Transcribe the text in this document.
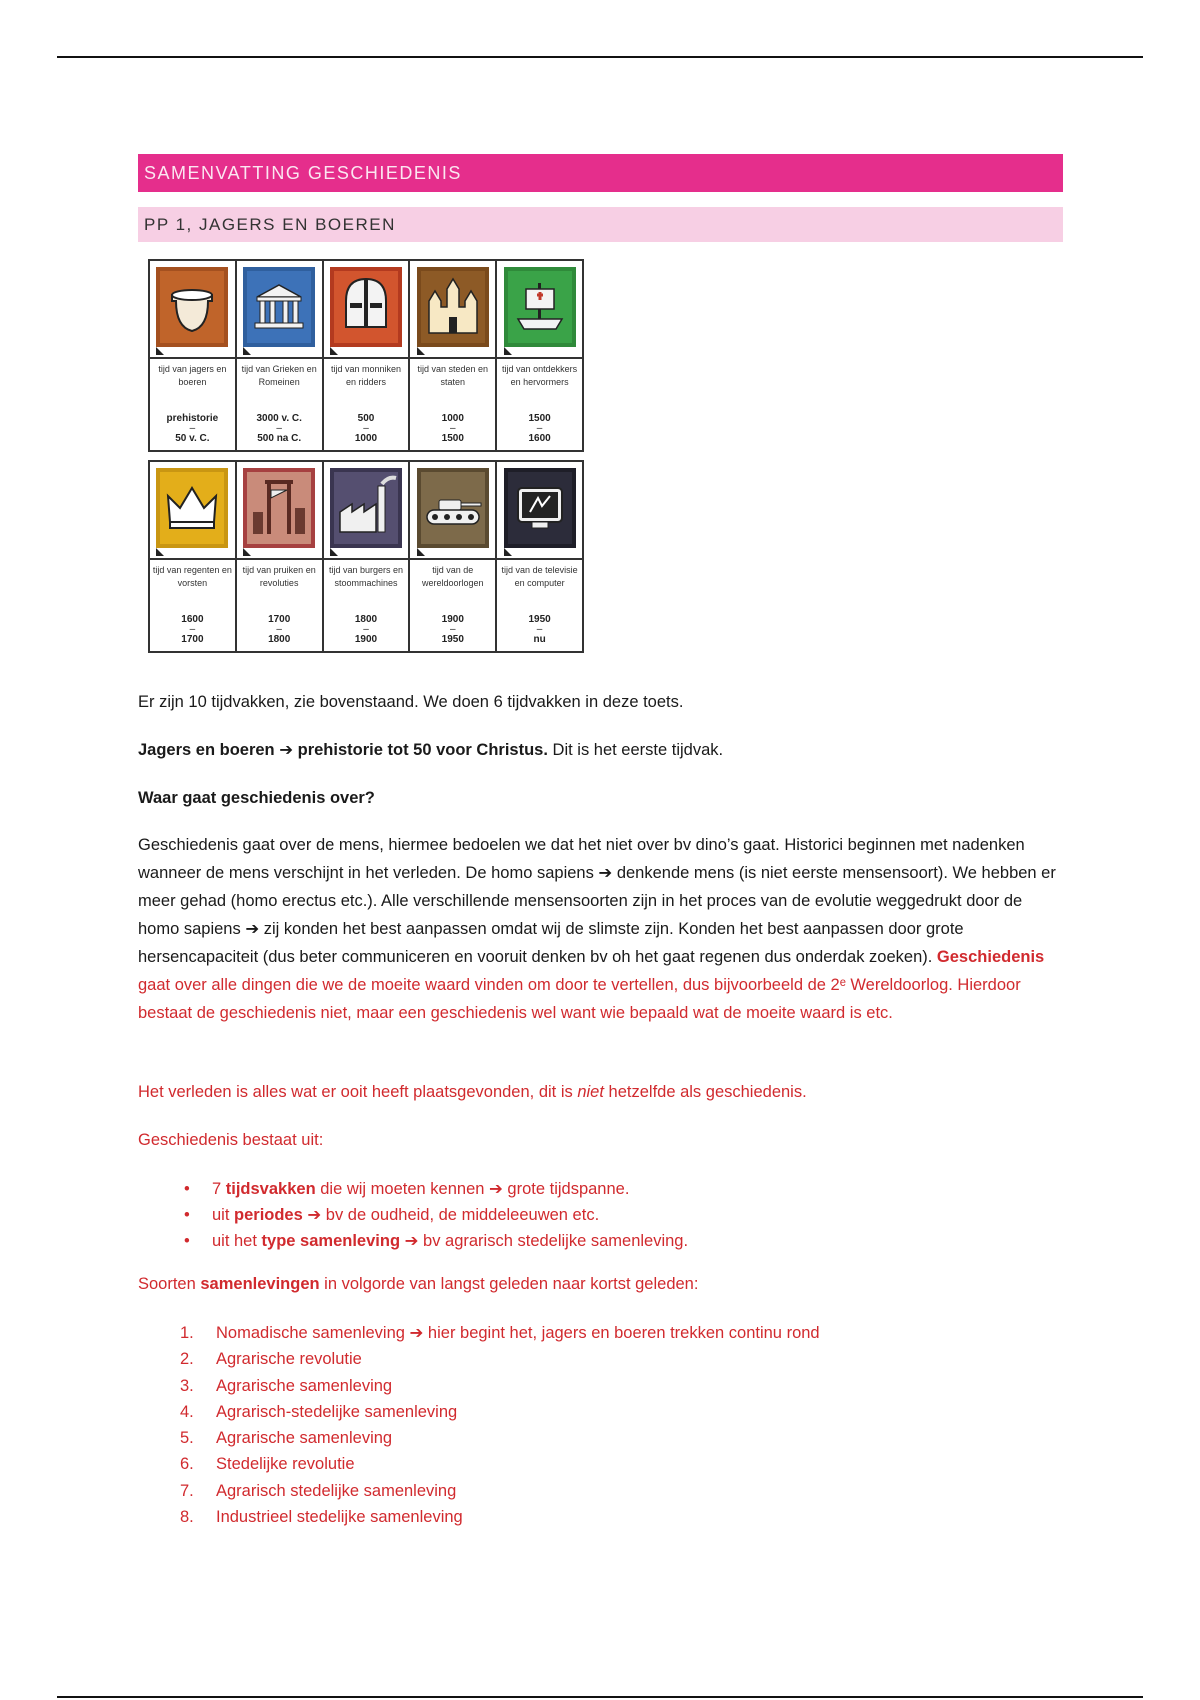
SAMENVATTING GESCHIEDENIS
PP 1, JAGERS EN BOEREN
tijd van jagers en boeren
prehistorie
–
50 v. C.
tijd van Grieken en Romeinen
3000 v. C.
–
500 na C.
tijd van monniken en ridders
500
–
1000
tijd van steden en staten
1000
–
1500
tijd van ontdekkers en hervormers
1500
–
1600
tijd van regenten en vorsten
1600
–
1700
tijd van pruiken en revoluties
1700
–
1800
tijd van burgers en stoommachines
1800
–
1900
tijd van de wereldoorlogen
1900
–
1950
tijd van de televisie en computer
1950
–
nu
Er zijn 10 tijdvakken, zie bovenstaand. We doen 6 tijdvakken in deze toets.
Jagers en boeren ➔ prehistorie tot 50 voor Christus. Dit is het eerste tijdvak.
Waar gaat geschiedenis over?
Geschiedenis gaat over de mens, hiermee bedoelen we dat het niet over bv dino’s gaat. Historici beginnen met nadenken wanneer de mens verschijnt in het verleden. De homo sapiens ➔ denkende mens (is niet eerste mensensoort). We hebben er meer gehad (homo erectus etc.). Alle verschillende mensensoorten zijn in het proces van de evolutie weggedrukt door de homo sapiens ➔ zij konden het best aanpassen omdat wij de slimste zijn. Konden het best aanpassen door grote hersencapaciteit (dus beter communiceren en vooruit denken bv oh het gaat regenen dus onderdak zoeken). Geschiedenis gaat over alle dingen die we de moeite waard vinden om door te vertellen, dus bijvoorbeeld de 2ᵉ Wereldoorlog. Hierdoor bestaat de geschiedenis niet, maar een geschiedenis wel want wie bepaald wat de moeite waard is etc.
Het verleden is alles wat er ooit heeft plaatsgevonden, dit is niet hetzelfde als geschiedenis.
Geschiedenis bestaat uit:
• 7 tijdsvakken die wij moeten kennen ➔ grote tijdspanne.
• uit periodes ➔ bv de oudheid, de middeleeuwen etc.
• uit het type samenleving ➔ bv agrarisch stedelijke samenleving.
Soorten samenlevingen in volgorde van langst geleden naar kortst geleden:
1.	Nomadische samenleving ➔ hier begint het, jagers en boeren trekken continu rond
2.	Agrarische revolutie
3.	Agrarische samenleving
4.	Agrarisch-stedelijke samenleving
5.	Agrarische samenleving
6.	Stedelijke revolutie
7.	Agrarisch stedelijke samenleving
8.	Industrieel stedelijke samenleving
